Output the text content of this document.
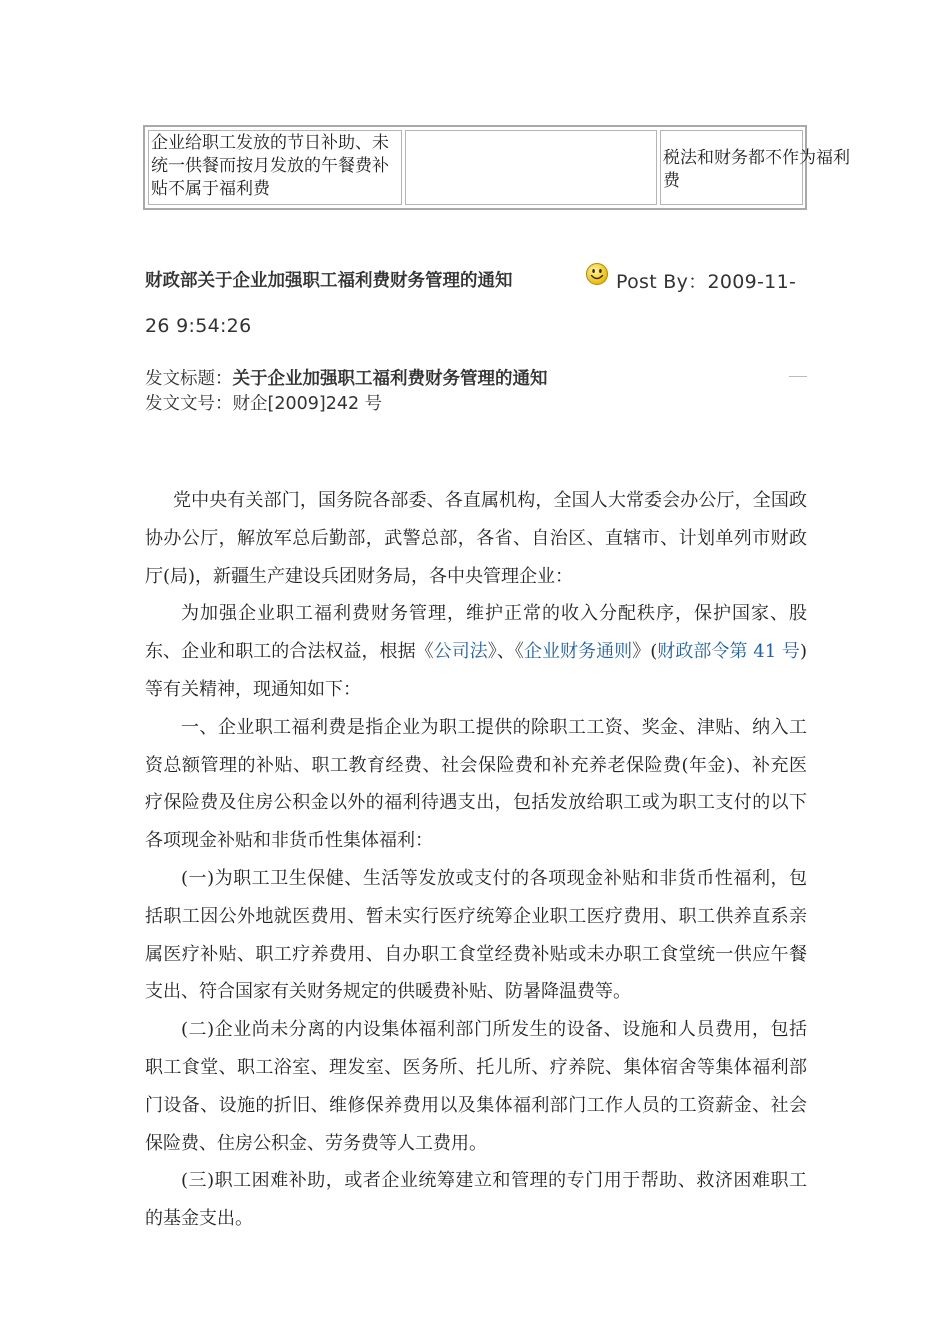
企业给职工发放的节日补助、未统一供餐而按月发放的午餐费补贴不属于福利费
税法和财务都不作为福利
费
财政部关于企业加强职工福利费财务管理的通知	Post By：2009-11-
26 9:54:26
发文标题：关于企业加强职工福利费财务管理的通知
发文文号：财企[2009]242 号

党中央有关部门，国务院各部委、各直属机构，全国人大常委会办公厅，全国政协办公厅，解放军总后勤部，武警总部，各省、自治区、直辖市、计划单列市财政厅(局)，新疆生产建设兵团财务局，各中央管理企业：

为加强企业职工福利费财务管理，维护正常的收入分配秩序，保护国家、股东、企业和职工的合法权益，根据《公司法》、《企业财务通则》(财政部令第 41 号)等有关精神，现通知如下：

一、企业职工福利费是指企业为职工提供的除职工工资、奖金、津贴、纳入工资总额管理的补贴、职工教育经费、社会保险费和补充养老保险费(年金)、补充医疗保险费及住房公积金以外的福利待遇支出，包括发放给职工或为职工支付的以下各项现金补贴和非货币性集体福利：

(一)为职工卫生保健、生活等发放或支付的各项现金补贴和非货币性福利，包括职工因公外地就医费用、暂未实行医疗统筹企业职工医疗费用、职工供养直系亲属医疗补贴、职工疗养费用、自办职工食堂经费补贴或未办职工食堂统一供应午餐支出、符合国家有关财务规定的供暖费补贴、防暑降温费等。

(二)企业尚未分离的内设集体福利部门所发生的设备、设施和人员费用，包括职工食堂、职工浴室、理发室、医务所、托儿所、疗养院、集体宿舍等集体福利部门设备、设施的折旧、维修保养费用以及集体福利部门工作人员的工资薪金、社会保险费、住房公积金、劳务费等人工费用。

(三)职工困难补助，或者企业统筹建立和管理的专门用于帮助、救济困难职工的基金支出。
